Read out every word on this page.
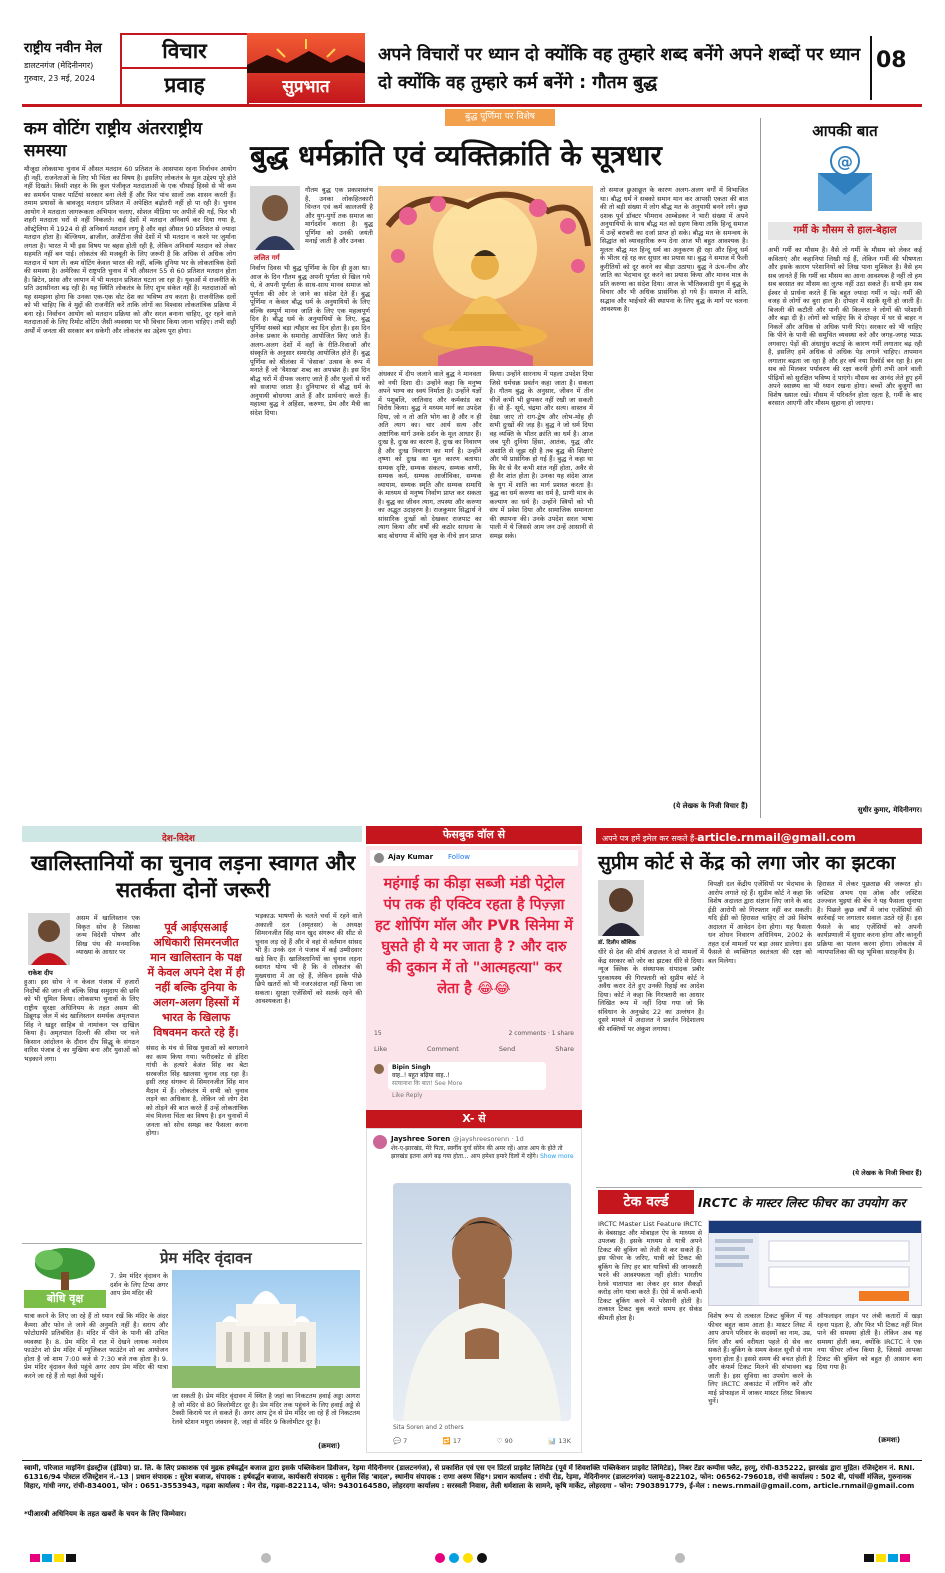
राष्ट्रीय नवीन मेल
डालटनगंज (मेदिनीनगर)
गुरुवार, 23 मई, 2024
विचार
प्रवाह	सुप्रभात
अपने विचारों पर ध्यान दो क्योंकि वह तुम्हारे शब्द बनेंगे अपने शब्दों पर ध्यान दो क्योंकि वह तुम्हारे कर्म बनेंगे : गौतम बुद्ध
08
कम वोटिंग राष्ट्रीय अंतरराष्ट्रीय समस्या
मौजूदा लोकसभा चुनाव में औसत मतदान 60 प्रतिशत के आसपास रहना निर्वाचन आयोग ही नहीं, राजनेताओं के लिए भी चिंता का विषय है। इसलिए लोकतंत्र के मूल उद्देश्य पूरे होते नहीं दिखते। किसी शहर के कि कुल पंजीकृत मतदाताओं के एक चौथाई हिस्से से भी कम का समर्थन पाकर पार्टियां सरकार बना लेती हैं और फिर पांच सालों तक शासन करती हैं। तमाम प्रयासों के बावजूद मतदान प्रतिशत में अपेक्षित बढ़ोतरी नहीं हो पा रही है। चुनाव आयोग ने मतदाता जागरूकता अभियान चलाए, सोशल मीडिया पर अपीलें की गईं, फिर भी शहरी मतदाता घरों से नहीं निकलते। कई देशों में मतदान अनिवार्य कर दिया गया है, ऑस्ट्रेलिया में 1924 से ही अनिवार्य मतदान लागू है और वहां औसत 90 प्रतिशत से ज्यादा मतदान होता है। बेल्जियम, ब्राजील, अर्जेंटीना जैसे देशों में भी मतदान न करने पर जुर्माना लगता है। भारत में भी इस विषय पर बहस होती रही है, लेकिन अनिवार्य मतदान को लेकर सहमति नहीं बन पाई। लोकतंत्र की मजबूती के लिए जरूरी है कि अधिक से अधिक लोग मतदान में भाग लें। कम वोटिंग केवल भारत की नहीं, बल्कि दुनिया भर के लोकतांत्रिक देशों की समस्या है। अमेरिका में राष्ट्रपति चुनाव में भी औसतन 55 से 60 प्रतिशत मतदान होता है। ब्रिटेन, फ्रांस और जापान में भी मतदान प्रतिशत घटता जा रहा है। युवाओं में राजनीति के प्रति उदासीनता बढ़ रही है। यह स्थिति लोकतंत्र के लिए शुभ संकेत नहीं है। मतदाताओं को यह समझना होगा कि उनका एक-एक वोट देश का भविष्य तय करता है। राजनीतिक दलों को भी चाहिए कि वे मुद्दों की राजनीति करें ताकि लोगों का विश्वास लोकतांत्रिक प्रक्रिया में बना रहे। निर्वाचन आयोग को मतदान प्रक्रिया को और सरल बनाना चाहिए, दूर रहने वाले मतदाताओं के लिए रिमोट वोटिंग जैसी व्यवस्था पर भी विचार किया जाना चाहिए। तभी सही अर्थों में जनता की सरकार बन सकेगी और लोकतंत्र का उद्देश्य पूरा होगा।
बुद्ध पूर्णिमा पर विशेष
बुद्ध धर्मक्रांति एवं व्यक्तिक्रांति के सूत्रधार
ललित गर्ग
निर्वाण दिवस भी बुद्ध पूर्णिमा के दिन ही हुआ था। आज के दिन गौतम बुद्ध अपनी पूर्णता से खिल गये थे, वे अपनी पूर्णता के साथ-साथ मानव समाज को पूर्णता की ओर ले जाने का संदेश देते हैं। बुद्ध पूर्णिमा न केवल बौद्ध धर्म के अनुयायियों के लिए बल्कि सम्पूर्ण मानव जाति के लिए एक महत्वपूर्ण दिन है। बौद्ध धर्म के अनुयायियों के लिए, बुद्ध पूर्णिमा सबसे बड़ा त्यौहार का दिन होता है। इस दिन अनेक प्रकार के समारोह आयोजित किए जाते हैं। अलग-अलग देशों में वहाँ के रीति-रिवाजों और संस्कृति के अनुसार समारोह आयोजित होते हैं। बुद्ध पूर्णिमा को श्रीलंका में 'वेसाक' उत्सव के रूप में मनाते हैं जो 'वैशाख' शब्द का अपभ्रंश है। इस दिन बौद्ध घरों में दीपक जलाए जाते हैं और फूलों से घरों को सजाया जाता है। दुनियाभर से बौद्ध धर्म के अनुयायी बोधगया आते हैं और प्रार्थनाएं करते हैं। महात्मा बुद्ध ने अहिंसा, करुणा, प्रेम और मैत्री का संदेश दिया।
गौतम बुद्ध एक प्रकाशस्तंभ है, उनका लोकहितकारी चिन्तन एवं कर्म कालजयी है और युग-युगों तक समाज का मार्गदर्शन करता है। बुद्ध पूर्णिमा को उनकी जयंती मनाई जाती है और उनका
अंधकार में दीप जलाने वाले बुद्ध ने मानवता को नयी दिशा दी। उन्होंने कहा कि मनुष्य अपने भाग्य का स्वयं निर्माता है। उन्होंने यज्ञों में पशुबलि, जातिवाद और कर्मकांड का विरोध किया। बुद्ध ने मध्यम मार्ग का उपदेश दिया, जो न तो अति भोग का है और न ही अति त्याग का। चार आर्य सत्य और अष्टांगिक मार्ग उनके दर्शन के मूल आधार हैं। दुःख है, दुःख का कारण है, दुःख का निवारण है और दुःख निवारण का मार्ग है। उन्होंने तृष्णा को दुःख का मूल कारण बताया। सम्यक दृष्टि, सम्यक संकल्प, सम्यक वाणी, सम्यक कर्म, सम्यक आजीविका, सम्यक व्यायाम, सम्यक स्मृति और सम्यक समाधि के माध्यम से मनुष्य निर्वाण प्राप्त कर सकता है। बुद्ध का जीवन त्याग, तपस्या और करुणा का अद्भुत उदाहरण है। राजकुमार सिद्धार्थ ने सांसारिक दुःखों को देखकर राजपाट का त्याग किया और वर्षों की कठोर साधना के बाद बोधगया में बोधि वृक्ष के नीचे ज्ञान प्राप्त किया। उन्होंने सारनाथ में पहला उपदेश दिया जिसे धर्मचक्र प्रवर्तन कहा जाता है। सकता है। गौतम बुद्ध के अनुसार, जीवन में तीन चीजें कभी भी छुपकर नहीं रखी जा सकती हैं। वो हैं- सूर्य, चंद्रमा और सत्य। वास्तव में देखा जाए तो राग-द्वेष और लोभ-मोह ही सभी दुःखों की जड़ है। बुद्ध ने जो धर्म दिया वह व्यक्ति के भीतर क्रांति का धर्म है। आज जब पूरी दुनिया हिंसा, आतंक, युद्ध और अशांति से जूझ रही है तब बुद्ध की शिक्षाएं और भी प्रासंगिक हो गई हैं। बुद्ध ने कहा था कि वैर से वैर कभी शांत नहीं होता, अवैर से ही वैर शांत होता है। उनका यह संदेश आज के युग में शांति का मार्ग प्रशस्त करता है। बुद्ध का धर्म करुणा का धर्म है, प्राणी मात्र के कल्याण का धर्म है। उन्होंने स्त्रियों को भी संघ में प्रवेश दिया और सामाजिक समानता की स्थापना की। उनके उपदेश सरल भाषा पाली में थे जिससे आम जन उन्हें आसानी से समझ सके।
तो समाज छुआछूत के कारण अलग-अलग वर्गों में विभाजित था। बौद्ध धर्म ने सबको समान मान कर आपसी एकता की बात की तो बड़ी संख्या में लोग बौद्ध मत के अनुयायी बनने लगे। कुछ दशक पूर्व डॉक्टर भीमराव आम्बेडकर ने भारी संख्या में अपने अनुयायियों के साथ बौद्ध मत को ग्रहण किया ताकि हिन्दू समाज में उन्हें बराबरी का दर्जा प्राप्त हो सके। बौद्ध मत के समन्वय के सिद्धांत को व्यावहारिक रूप देना आज भी बहुत आवश्यक है। मूलतः बौद्ध मत हिन्दू धर्म का अनुकरण ही रहा और हिन्दू धर्म के भीतर रहे रह कर सुधार का प्रयास था। बुद्ध ने समाज में फैली कुरीतियों को दूर करने का बीड़ा उठाया। बुद्ध ने ऊंच-नीच और जाति का भेदभाव दूर करने का प्रयास किया और मानव मात्र के प्रति करुणा का संदेश दिया। आज के भौतिकवादी युग में बुद्ध के विचार और भी अधिक प्रासंगिक हो गये हैं। समाज में शांति, सद्भाव और भाईचारे की स्थापना के लिए बुद्ध के मार्ग पर चलना आवश्यक है।
(ये लेखक के निजी विचार हैं)
आपकी बात
@
गर्मी के मौसम से हाल-बेहाल
अभी गर्मी का मौसम है। वैसे तो गर्मी के मौसम को लेकर कई कविताएं और कहानियां लिखी गई हैं, लेकिन गर्मी की भीषणता और इसके कारण परेशानियों को लिख पाना मुश्किल है। वैसे हम सब जानते हैं कि गर्मी का मौसम का आना आवश्यक है नहीं तो हम सब बरसात का मौसम का लुत्फ नहीं उठा सकते हैं। सभी हम सब ईश्वर से प्रार्थना करते हैं कि बहुत ज्यादा गर्मी न पड़े। गर्मी की वजह से लोगों का बुरा हाल है। दोपहर में सड़कें सूनी हो जाती हैं। बिजली की कटौती और पानी की किल्लत ने लोगों की परेशानी और बढ़ा दी है। लोगों को चाहिए कि वे दोपहर में घर से बाहर न निकलें और अधिक से अधिक पानी पिएं। सरकार को भी चाहिए कि पीने के पानी की समुचित व्यवस्था करे और जगह-जगह प्याऊ लगवाए। पेड़ों की अंधाधुंध कटाई के कारण गर्मी लगातार बढ़ रही है, इसलिए हमें अधिक से अधिक पेड़ लगाने चाहिए। तापमान लगातार बढ़ता जा रहा है और हर वर्ष नया रिकॉर्ड बन रहा है। हम सब को मिलकर पर्यावरण की रक्षा करनी होगी तभी आने वाली पीढ़ियों को सुरक्षित भविष्य दे पाएंगे। मौसम का आनंद लेते हुए हमें अपने स्वास्थ्य का भी ध्यान रखना होगा। बच्चों और बुजुर्गों का विशेष ख्याल रखें। मौसम में परिवर्तन होता रहता है, गर्मी के बाद बरसात आएगी और मौसम सुहाना हो जाएगा।
सुधीर कुमार, मेदिनीनगर।
देश-विदेश	फेसबुक वॉल से	अपने पत्र हमें इमेल कर सकते हैं-article.rnmail@gmail.com
खालिस्तानियों का चुनाव लड़ना स्वागत और सतर्कता दोनों जरूरी
राकेश दीप
असम में खालिस्तान एक विकृत सोच है जिसका जन्म विदेशी पोषण और सिख पंथ की मनमानिक व्याख्या के आधार पर
हुआ। इस सोच ने न केवल पंजाब में हजारों निर्दोषों की जान ली बल्कि सिख समुदाय की छवि को भी धूमिल किया। लोकसभा चुनावों के लिए राष्ट्रीय सुरक्षा अधिनियम के तहत असम की डिब्रूगढ़ जेल में बंद खालिस्तान समर्थक अमृतपाल सिंह ने खडूर साहिब से नामांकन पत्र दाखिल किया है। अमृतपाल दिल्ली की सीमा पर चले किसान आंदोलन के दौरान दीप सिद्धू के संगठन वारिस पंजाब दे का मुखिया बना और युवाओं को भड़काने लगा।
पूर्व आईएसआई अधिकारी सिमरनजीत मान खालिस्तान के पक्ष में केवल अपने देश में ही नहीं बल्कि दुनिया के अलग-अलग हिस्सों में भारत के खिलाफ विषवमन करते रहे हैं।
संसद के मंच से सिख युवाओं को बरगलाने का काम किया गया। फरीदकोट से इंदिरा गांधी के हत्यारे बेअंत सिंह का बेटा सरबजीत सिंह खालसा चुनाव लड़ रहा है। इसी तरह संगरूर से सिमरनजीत सिंह मान मैदान में हैं। लोकतंत्र में सभी को चुनाव लड़ने का अधिकार है, लेकिन जो लोग देश को तोड़ने की बात करते हैं उन्हें लोकतांत्रिक मंच मिलना चिंता का विषय है। इन चुनावों में जनता को सोच समझ कर फैसला करना होगा।
भड़काऊ भाषणों के चलते चर्चा में रहने वाले अकाली दल (अमृतसर) के अध्यक्ष सिमरनजीत सिंह मान खुद संगरूर की सीट से चुनाव लड़ रहे हैं और वे वहां से वर्तमान सांसद भी हैं। उनके दल ने पंजाब में कई उम्मीदवार खड़े किए हैं। खालिस्तानियों का चुनाव लड़ना स्वागत योग्य भी है कि वे लोकतंत्र की मुख्यधारा में आ रहे हैं, लेकिन इसके पीछे छिपे खतरों को भी नजरअंदाज नहीं किया जा सकता। सुरक्षा एजेंसियों को सतर्क रहने की आवश्यकता है।
बोधि वृक्ष
प्रेम मंदिर वृंदावन
7. प्रेम मंदिर वृंदावन के दर्शन के लिए टिप्स अगर आप प्रेम मंदिर की
यात्रा करने के लिए जा रहे हैं तो ध्यान रखें कि मंदिर के अंदर कैमरा और फोन ले जाने की अनुमति नहीं है। सराय और फोटोग्राफी प्रतिबंधित है। मंदिर में पीने के पानी की उचित व्यवस्था है। 8. प्रेम मंदिर में रात में देखने लायक मनोरम फाउंटेन शो प्रेम मंदिर में म्यूजिकल फाउंटेन शो का आयोजन होता है जो शाम 7:00 बजे से 7:30 बजे तक होता है। 9. प्रेम मंदिर वृंदावन कैसे पहुंचे अगर आप प्रेम मंदिर की यात्रा करने जा रहे हैं तो यहां कैसे पहुंचें।
जा सकती है। प्रेम मंदिर वृंदावन में स्थित है जहां का निकटतम हवाई अड्डा आगरा है जो मंदिर से 80 किलोमीटर दूर है। प्रेम मंदिर तक पहुंचने के लिए हवाई अड्डे से टैक्सी किराये पर ले सकते हैं। अगर आप ट्रेन से प्रेम मंदिर जा रहे हैं तो निकटतम रेलवे स्टेशन मथुरा जंक्शन है, जहां से मंदिर 9 किलोमीटर दूर है।
(क्रमशः)
Ajay Kumar Follow
महंगाई का कीड़ा सब्जी मंडी पेट्रोल पंप तक ही एक्टिव रहता है पिज़्ज़ा हट शोपिंग मॉल और PVR सिनेमा में घुसते ही ये मर जाता है ? और दारु की दुकान में तो "आत्महत्या" कर लेता है 😂😂
15	2 comments · 1 share
Like	Comment	Send	Share
Bipin Singh
वाह..! बहुत बढ़िया वाह..!
सत्यानाश कि बात! See More
Like Reply
X- से
Jayshree Soren @jayshreesorenn · 1d
शेर-ए-झारखंड, मेरे पिता, स्वर्गीय दुर्गा सोरेन की अमर रहें। आज आप के होते तो झारखंड इतना आगे बढ़ गया होता... आप हमेशा हमारे दिलों में रहेंगे। Show more
Sita Soren and 2 others
💬 7	🔁 17	♡ 90	📊 13K
सुप्रीम कोर्ट से केंद्र को लगा जोर का झटका
डॉ. दिलीप कौशिक
धीरे से देश की शीर्ष अदालत ने दो मामलों में केंद्र सरकार को जोर का झटका धीरे से दिया। न्यूज क्लिक के संस्थापक संपादक प्रबीर पुरकायस्थ की गिरफ्तारी को सुप्रीम कोर्ट ने अवैध करार देते हुए उनकी रिहाई का आदेश दिया। कोर्ट ने कहा कि गिरफ्तारी का आधार लिखित रूप में नहीं दिया गया जो कि संविधान के अनुच्छेद 22 का उल्लंघन है। दूसरे मामले में अदालत ने प्रवर्तन निदेशालय की शक्तियों पर अंकुश लगाया।
विपक्षी दल केंद्रीय एजेंसियों पर भेदभाव के आरोप लगाते रहे हैं। सुप्रीम कोर्ट ने कहा कि विशेष अदालत द्वारा संज्ञान लिए जाने के बाद ईडी आरोपी को गिरफ्तार नहीं कर सकती। यदि ईडी को हिरासत चाहिए तो उसे विशेष अदालत में आवेदन देना होगा। यह फैसला धन शोधन निवारण अधिनियम, 2002 के तहत दर्ज मामलों पर बड़ा असर डालेगा। इस फैसले से व्यक्तिगत स्वतंत्रता की रक्षा को बल मिलेगा।
हिरासत में लेकर पूछताछ की जरूरत हो। जस्टिस अभय एस ओक और जस्टिस उज्ज्वल भुइयां की बेंच ने यह फैसला सुनाया है। पिछले कुछ वर्षों में जांच एजेंसियों की कार्रवाई पर लगातार सवाल उठते रहे हैं। इस फैसले के बाद एजेंसियों को अपनी कार्यप्रणाली में सुधार करना होगा और कानूनी प्रक्रिया का पालन करना होगा। लोकतंत्र में न्यायपालिका की यह भूमिका सराहनीय है।
(ये लेखक के निजी विचार हैं)
टेक वर्ल्ड	IRCTC के मास्टर लिस्ट फीचर का उपयोग कर
IRCTC Master List Feature IRCTC के वेबसाइट और मोबाइल ऐप के माध्यम से उपलब्ध है। इसके माध्यम से यात्री अपने टिकट की बुकिंग को तेजी से कर सकते हैं। इस फीचर के जरिए, यात्री को टिकट की बुकिंग के लिए हर बार यात्रियों की जानकारी भरने की आवश्यकता नहीं होती। भारतीय रेलवे यातायात का लेकर हर साल सैकड़ों करोड़ लोग यात्रा करते हैं। ऐसे में कभी-कभी टिकट बुकिंग करने में परेशानी होती है। तत्काल टिकट बुक करते समय हर सेकंड कीमती होता है।	विशेष रूप से तत्काल टिकट बुकिंग में यह फीचर बहुत काम आता है। मास्टर लिस्ट में आप अपने परिवार के सदस्यों का नाम, उम्र, लिंग और बर्थ वरीयता पहले से सेव कर सकते हैं। बुकिंग के समय केवल सूची से नाम चुनना होता है। इससे समय की बचत होती है और कंफर्म टिकट मिलने की संभावना बढ़ जाती है। इस सुविधा का उपयोग करने के लिए IRCTC अकाउंट में लॉगिन करें और माई प्रोफाइल में जाकर मास्टर लिस्ट विकल्प चुनें।
ऑफलाइन लाइन पर लंबी कतारों में खड़ा रहना पड़ता है, और फिर भी टिकट नहीं मिल पाने की समस्या होती है। लेकिन अब यह समस्या होती कम, क्योंकि IRCTC ने एक नया फीचर लॉन्च किया है, जिससे आपका टिकट की बुकिंग को बहुत ही आसान बना दिया गया है।
(क्रमशः)
स्वामी, परिजात माइनिंग इंडस्ट्रीज (इंडिया) प्रा. लि. के लिए प्रकाशक एवं मुद्रक हर्षवर्द्धन बजाज द्वारा इसके पब्लिकेशन डिवीजन, रेड़मा मेदिनीनगर (डालटनगंज), से प्रकाशित एवं एस एन प्रिंटर्स प्राइवेट लिमिटेड (पूर्व में शिवशक्ति पब्लिकेशन प्राइवेट लिमिटेड), निबर टेंडर कम्पीस फ्लैट, हरमू, रांची-835222, झारखंड द्वारा मुद्रित। रजिस्ट्रेशन नं. RNI. 61316/94 पोस्टल रजिस्ट्रेशन नं.-13 | प्रधान संपादक : सुरेश बजाज, संपादक : हर्षवर्द्धन बजाज, कार्यकारी संपादक : सुनील सिंह 'बादल', स्थानीय संपादक : राणा अरुण सिंह*। प्रधान कार्यालय : रांची रोड, रेड़मा, मेदिनीनगर (डालटनगंज) पलामू-822102, फोन: 06562-796018, रांची कार्यालय : 502 बी, पांचवीं मंजिल, गुरुनानक विहार, गांधी नगर, रांची-834001, फोन : 0651-3553943, गढ़वा कार्यालय : मेन रोड, गढ़वा-822114, फोन: 9430164580, लोहरदगा कार्यालय : सरस्वती निवास, तेली धर्मशाला के सामने, कृषि मार्केट, लोहरदगा - फोन: 7903891779, ई-मेल : news.rnmail@gmail.com, article.rnmail@gmail.com
*पीआरबी अधिनियम के तहत खबरों के चयन के लिए जिम्मेवार।
